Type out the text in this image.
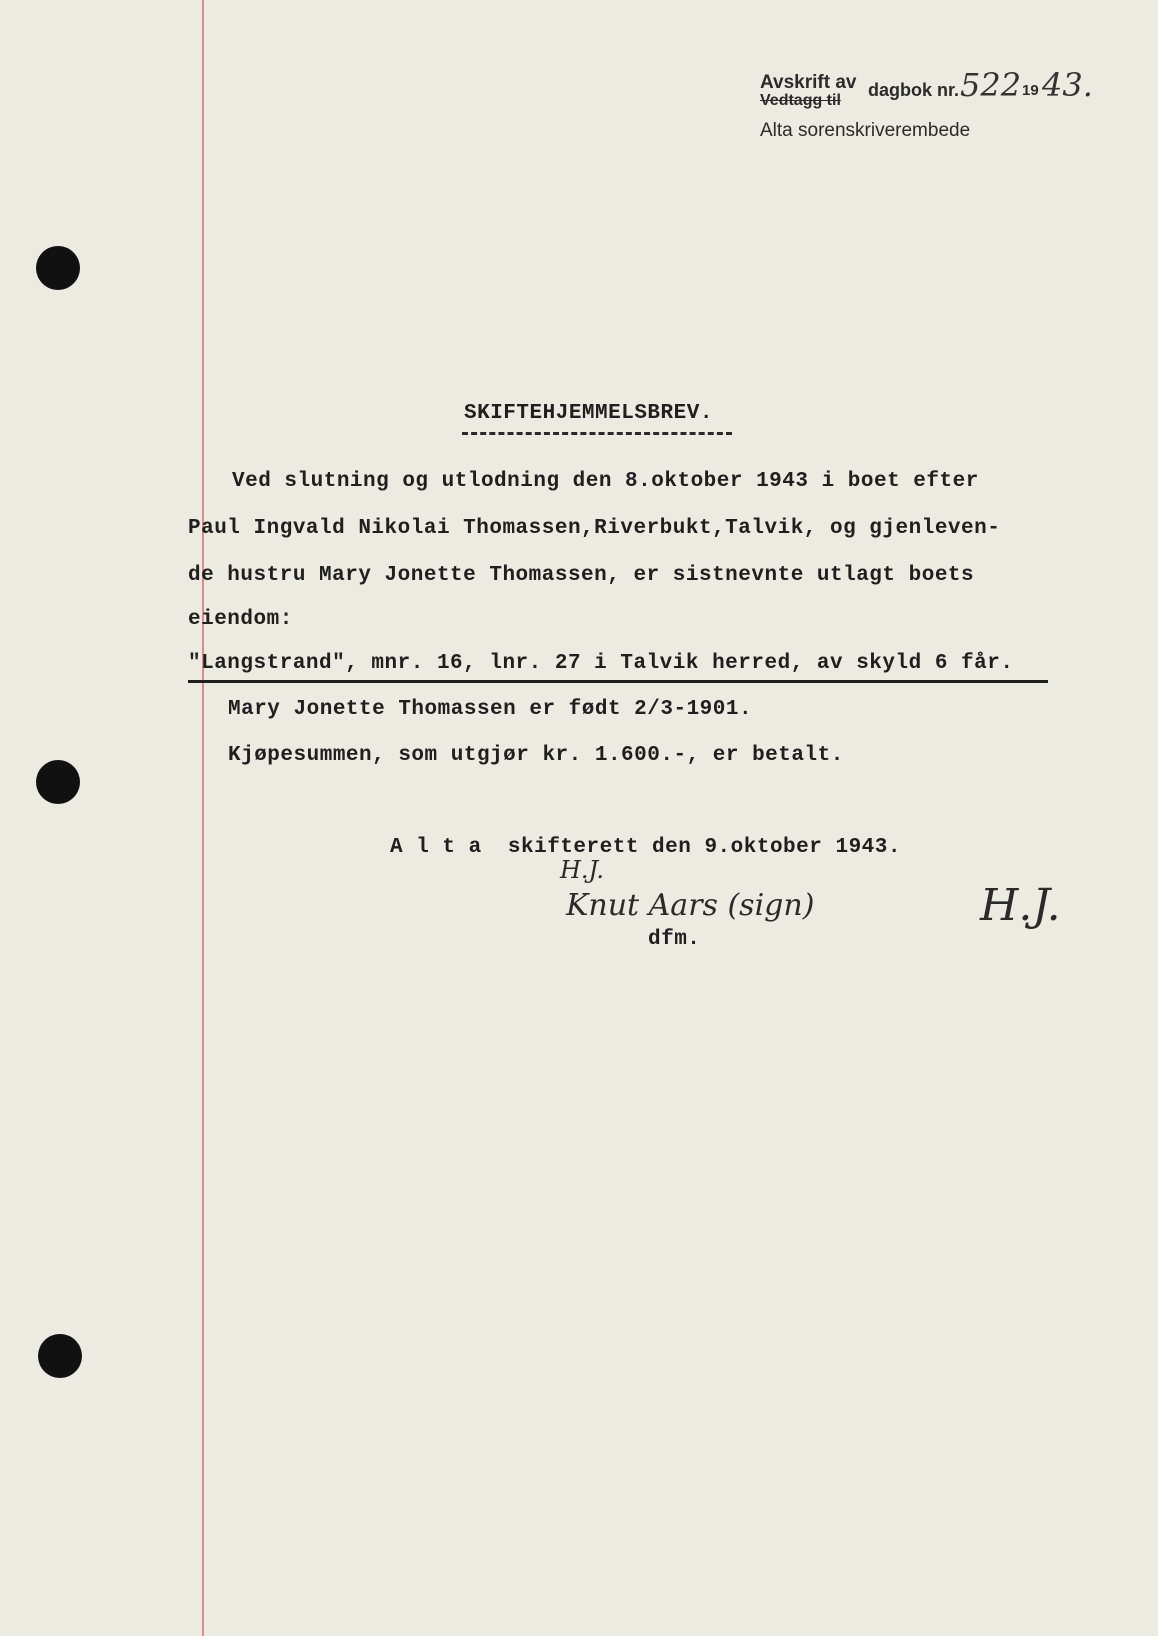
Avskrift av
Vedtagg til
dagbok nr. 522 19 43.
Alta sorenskriverembede
SKIFTEHJEMMELSBREV.
Ved slutning og utlodning den 8.oktober 1943 i boet efter
Paul Ingvald Nikolai Thomassen,Riverbukt,Talvik, og gjenleven-
de hustru Mary Jonette Thomassen, er sistnevnte utlagt boets
eiendom:
"Langstrand", mnr. 16, lnr. 27 i Talvik herred, av skyld 6 får.
Mary Jonette Thomassen er født 2/3-1901.
Kjøpesummen, som utgjør kr. 1.600.-, er betalt.
A l t a  skifterett den 9.oktober 1943.
H.J.
Knut Aars (sign)
dfm.
H.J.
